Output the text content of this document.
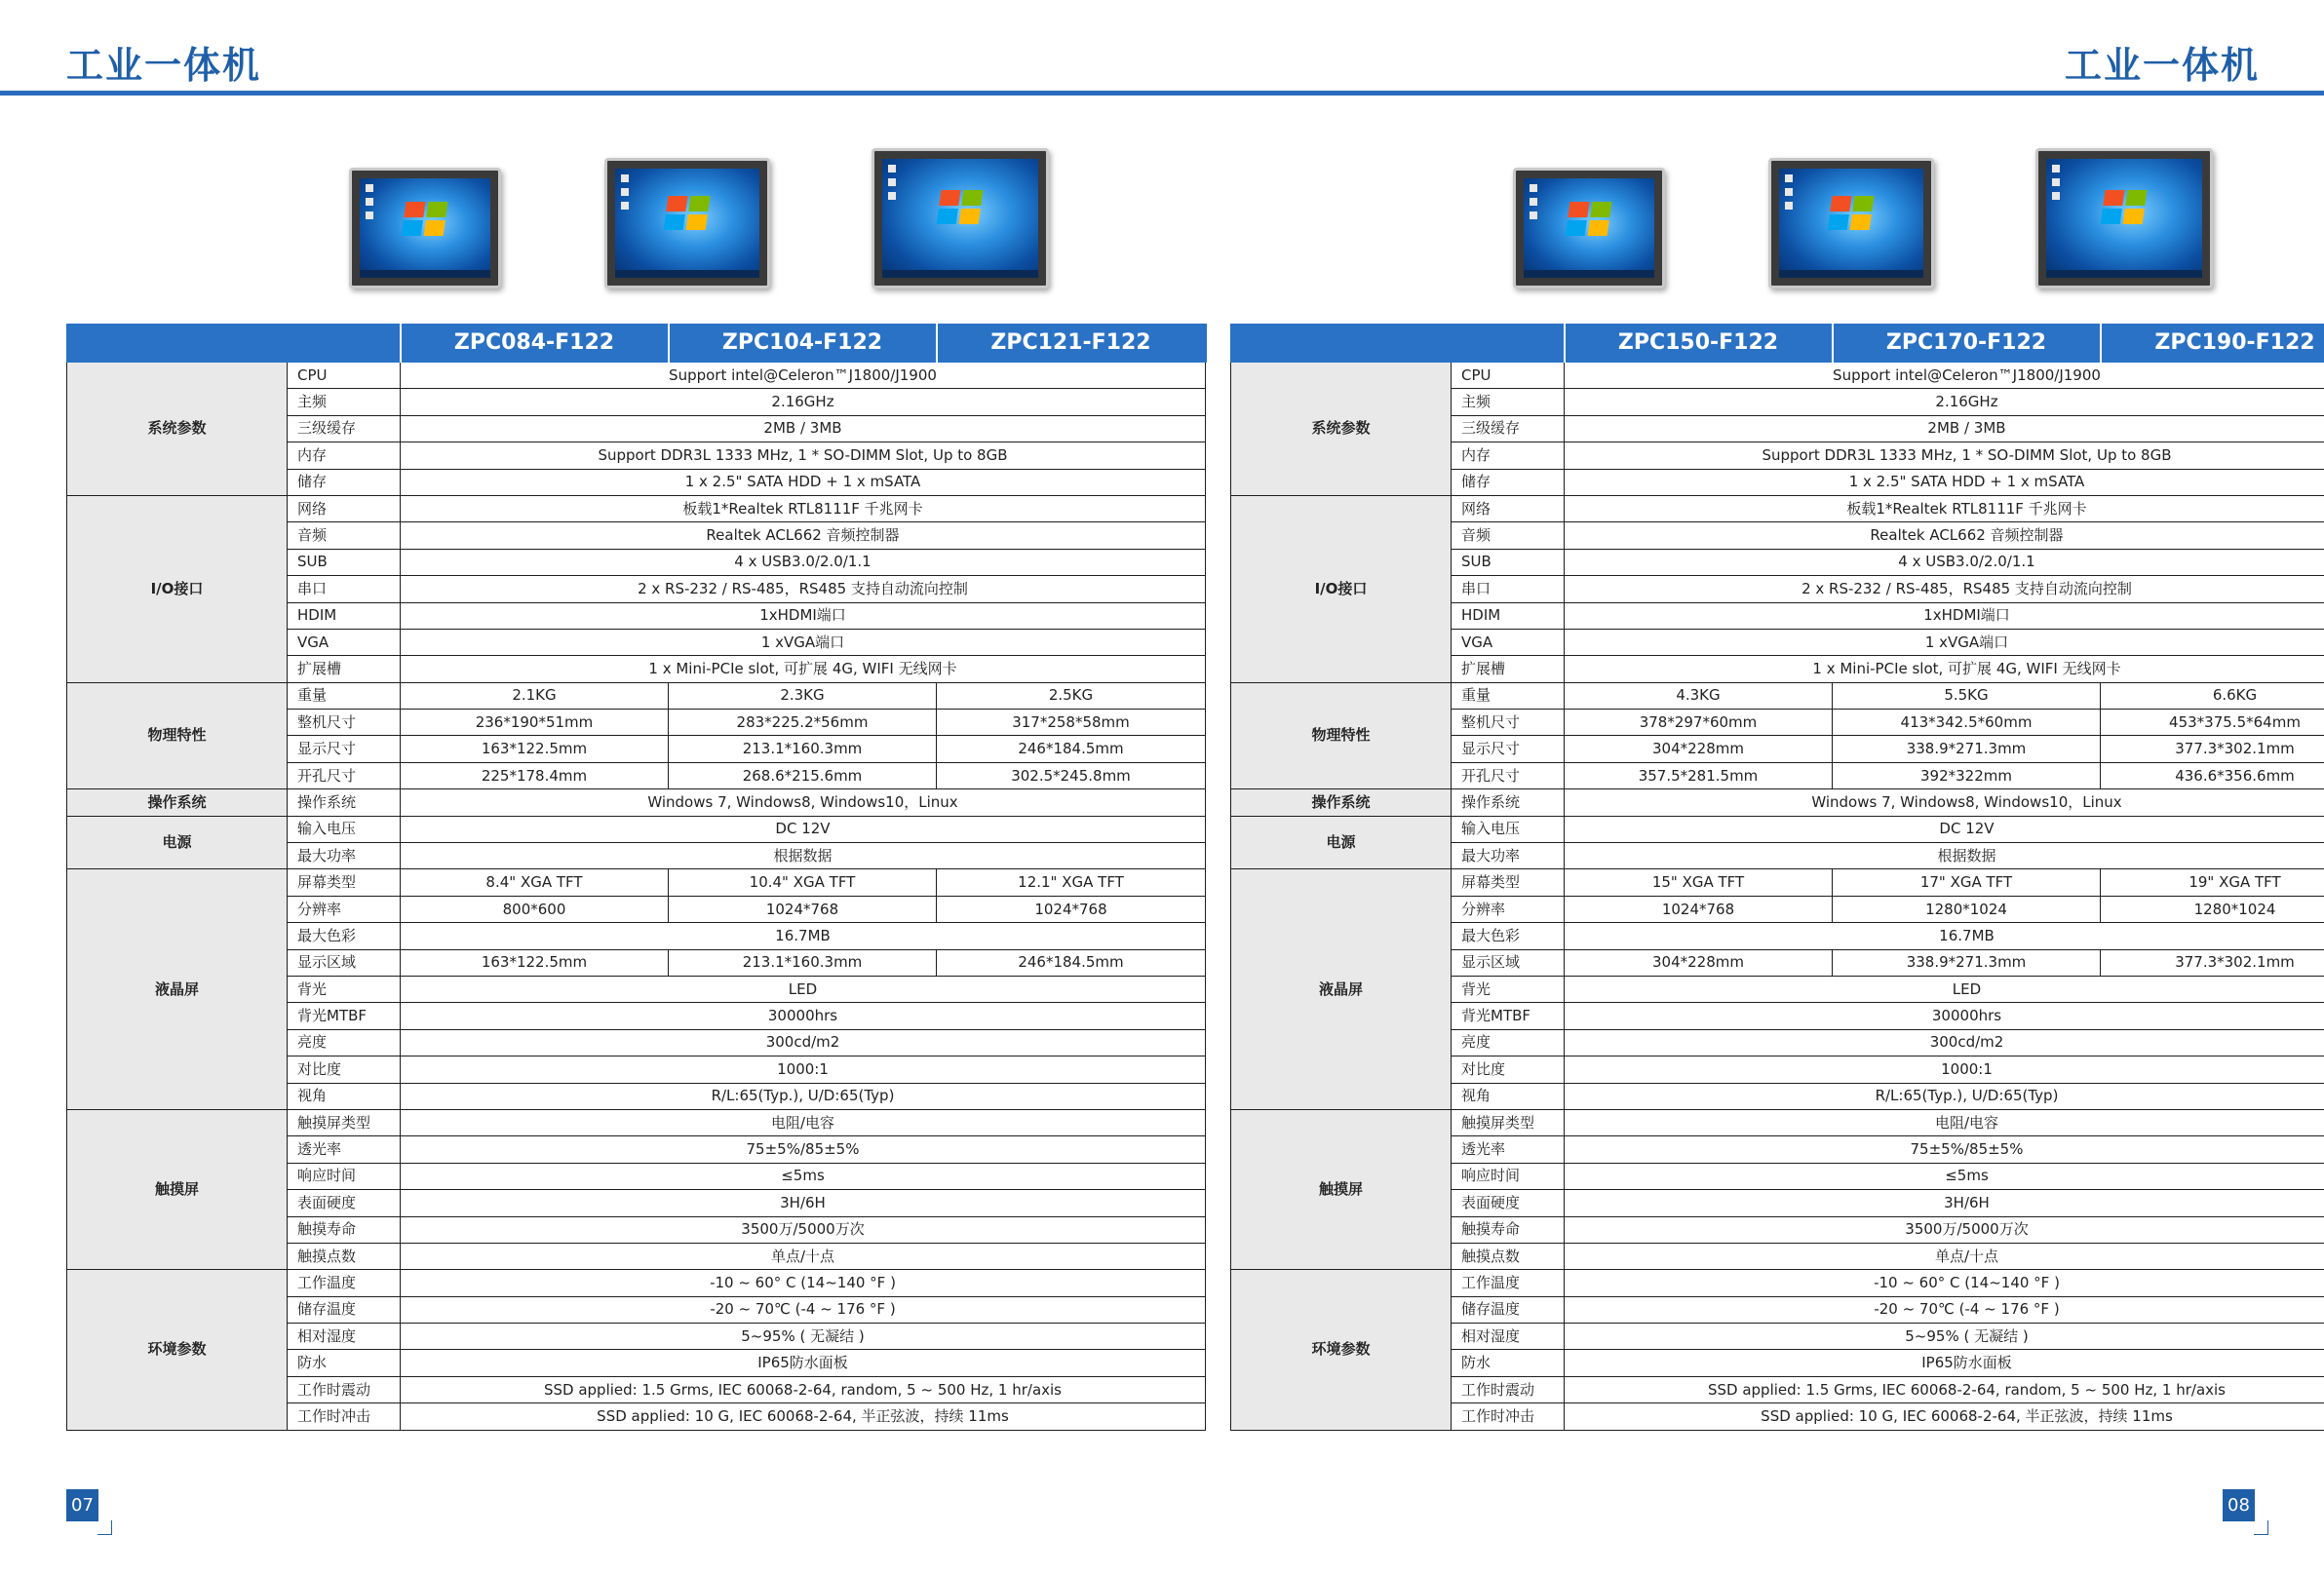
工业一体机	工业一体机
		ZPC084-F122	ZPC104-F122	ZPC121-F122
系统参数	CPU	Support intel@Celeron™J1800/J1900		
	主频	2.16GHz		
	三级缓存	2MB / 3MB		
	内存	Support DDR3L 1333 MHz, 1 * SO-DIMM Slot, Up to 8GB		
	储存	1 x 2.5" SATA HDD + 1 x mSATA		
I/O接口	网络	板载1*Realtek RTL8111F 千兆网卡		
	音频	Realtek ACL662 音频控制器		
	SUB	4 x USB3.0/2.0/1.1		
	串口	2 x RS-232 / RS-485，RS485 支持自动流向控制		
	HDIM	1xHDMI端口		
	VGA	1 xVGA端口		
	扩展槽	1 x Mini-PCIe slot, 可扩展 4G, WIFI 无线网卡		
物理特性	重量	2.1KG	2.3KG	2.5KG
	整机尺寸	236*190*51mm	283*225.2*56mm	317*258*58mm
	显示尺寸	163*122.5mm	213.1*160.3mm	246*184.5mm
	开孔尺寸	225*178.4mm	268.6*215.6mm	302.5*245.8mm
操作系统	操作系统	Windows 7, Windows8, Windows10，Linux		
电源	输入电压	DC 12V		
	最大功率	根据数据		
液晶屏	屏幕类型	8.4" XGA TFT	10.4" XGA TFT	12.1" XGA TFT
	分辨率	800*600	1024*768	1024*768
	最大色彩	16.7MB		
	显示区域	163*122.5mm	213.1*160.3mm	246*184.5mm
	背光	LED		
	背光MTBF	30000hrs		
	亮度	300cd/m2		
	对比度	1000:1		
	视角	R/L:65(Typ.), U/D:65(Typ)		
触摸屏	触摸屏类型	电阻/电容		
	透光率	75±5%/85±5%		
	响应时间	≤5ms		
	表面硬度	3H/6H		
	触摸寿命	3500万/5000万次		
	触摸点数	单点/十点		
环境参数	工作温度	-10 ~ 60° C (14~140 °F )		
	储存温度	-20 ~ 70℃ (-4 ~ 176 °F )		
	相对湿度	5~95% ( 无凝结 )		
	防水	IP65防水面板		
	工作时震动	SSD applied: 1.5 Grms, IEC 60068-2-64, random, 5 ~ 500 Hz, 1 hr/axis		
	工作时冲击	SSD applied: 10 G, IEC 60068-2-64, 半正弦波，持续 11ms		
07
		ZPC150-F122	ZPC170-F122	ZPC190-F122
系统参数	CPU	Support intel@Celeron™J1800/J1900		
	主频	2.16GHz		
	三级缓存	2MB / 3MB		
	内存	Support DDR3L 1333 MHz, 1 * SO-DIMM Slot, Up to 8GB		
	储存	1 x 2.5" SATA HDD + 1 x mSATA		
I/O接口	网络	板载1*Realtek RTL8111F 千兆网卡		
	音频	Realtek ACL662 音频控制器		
	SUB	4 x USB3.0/2.0/1.1		
	串口	2 x RS-232 / RS-485，RS485 支持自动流向控制		
	HDIM	1xHDMI端口		
	VGA	1 xVGA端口		
	扩展槽	1 x Mini-PCIe slot, 可扩展 4G, WIFI 无线网卡		
物理特性	重量	4.3KG	5.5KG	6.6KG
	整机尺寸	378*297*60mm	413*342.5*60mm	453*375.5*64mm
	显示尺寸	304*228mm	338.9*271.3mm	377.3*302.1mm
	开孔尺寸	357.5*281.5mm	392*322mm	436.6*356.6mm
操作系统	操作系统	Windows 7, Windows8, Windows10，Linux		
电源	输入电压	DC 12V		
	最大功率	根据数据		
液晶屏	屏幕类型	15" XGA TFT	17" XGA TFT	19" XGA TFT
	分辨率	1024*768	1280*1024	1280*1024
	最大色彩	16.7MB		
	显示区域	304*228mm	338.9*271.3mm	377.3*302.1mm
	背光	LED		
	背光MTBF	30000hrs		
	亮度	300cd/m2		
	对比度	1000:1		
	视角	R/L:65(Typ.), U/D:65(Typ)		
触摸屏	触摸屏类型	电阻/电容		
	透光率	75±5%/85±5%		
	响应时间	≤5ms		
	表面硬度	3H/6H		
	触摸寿命	3500万/5000万次		
	触摸点数	单点/十点		
环境参数	工作温度	-10 ~ 60° C (14~140 °F )		
	储存温度	-20 ~ 70℃ (-4 ~ 176 °F )		
	相对湿度	5~95% ( 无凝结 )		
	防水	IP65防水面板		
	工作时震动	SSD applied: 1.5 Grms, IEC 60068-2-64, random, 5 ~ 500 Hz, 1 hr/axis		
	工作时冲击	SSD applied: 10 G, IEC 60068-2-64, 半正弦波，持续 11ms		
08
